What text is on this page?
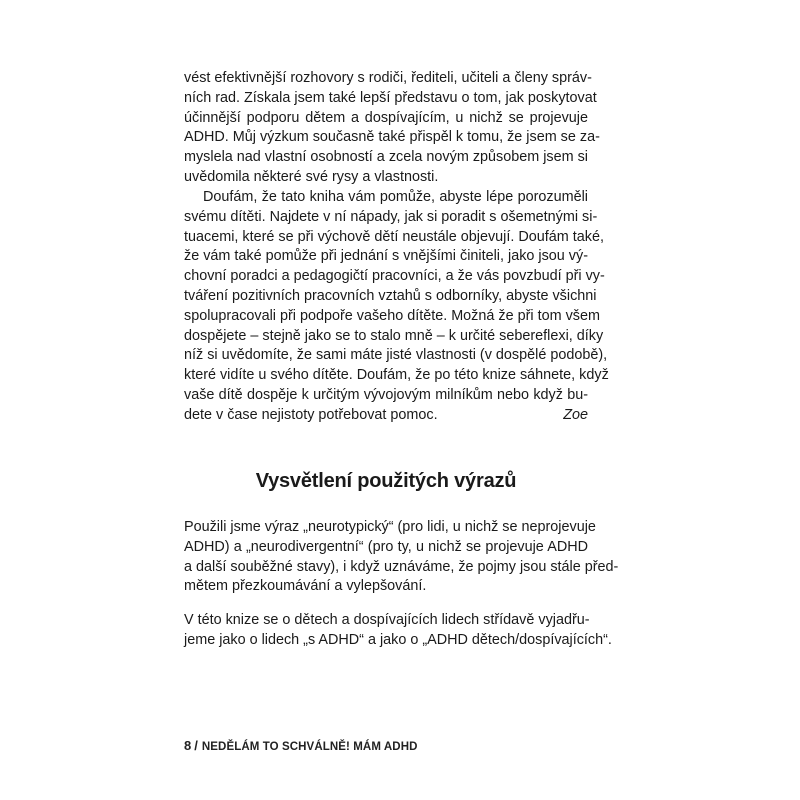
vést efektivnější rozhovory s rodiči, řediteli, učiteli a členy správ-
ních rad. Získala jsem také lepší představu o tom, jak poskytovat
účinnější podporu dětem a dospívajícím, u nichž se projevuje
ADHD. Můj výzkum současně také přispěl k tomu, že jsem se za-
myslela nad vlastní osobností a zcela novým způsobem jsem si
uvědomila některé své rysy a vlastnosti.
Doufám, že tato kniha vám pomůže, abyste lépe porozuměli
svému dítěti. Najdete v ní nápady, jak si poradit s ošemetnými si-
tuacemi, které se při výchově dětí neustále objevují. Doufám také,
že vám také pomůže při jednání s vnějšími činiteli, jako jsou vý-
chovní poradci a pedagogičtí pracovníci, a že vás povzbudí při vy-
tváření pozitivních pracovních vztahů s odborníky, abyste všichni
spolupracovali při podpoře vašeho dítěte. Možná že při tom všem
dospějete – stejně jako se to stalo mně – k určité sebereflexi, díky
níž si uvědomíte, že sami máte jisté vlastnosti (v dospělé podobě),
které vidíte u svého dítěte. Doufám, že po této knize sáhnete, když
vaše dítě dospěje k určitým vývojovým milníkům nebo když bu-
dete v čase nejistoty potřebovat pomoc.	Zoe
Vysvětlení použitých výrazů
Použili jsme výraz „neurotypický“ (pro lidi, u nichž se neprojevuje
ADHD) a „neurodivergentní“ (pro ty, u nichž se projevuje ADHD
a další souběžné stavy), i když uznáváme, že pojmy jsou stále před-
mětem přezkoumávání a vylepšování.
V této knize se o dětech a dospívajících lidech střídavě vyjadřu-
jeme jako o lidech „s ADHD“ a jako o „ADHD dětech/dospívajících“.
8 / NEDĚLÁM TO SCHVÁLNĚ! MÁM ADHD
